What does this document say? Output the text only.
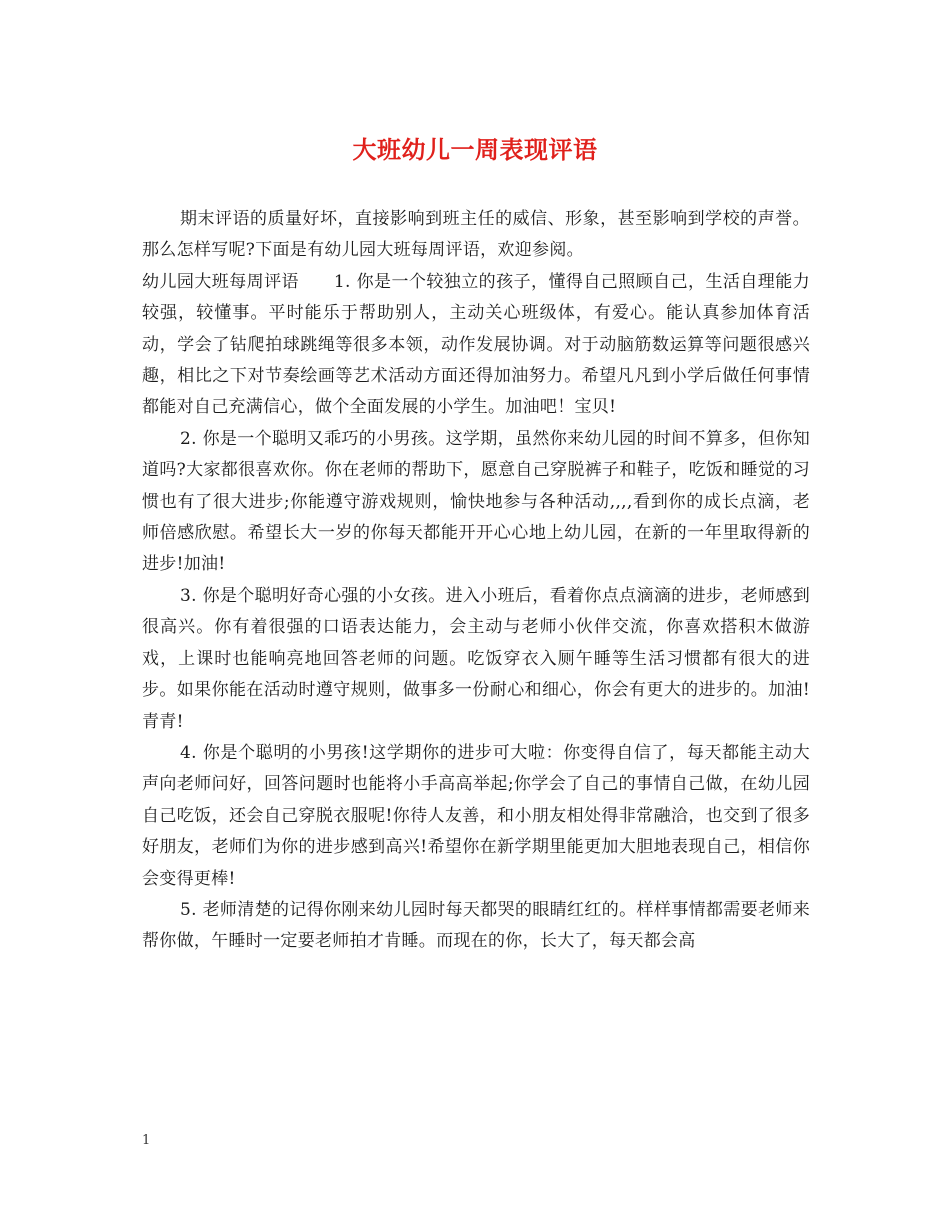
大班幼儿一周表现评语

期末评语的质量好坏，直接影响到班主任的威信、形象，甚至影响到学校的声誉。那么怎样写呢?下面是有幼儿园大班每周评语，欢迎参阅。

幼儿园大班每周评语　　1. 你是一个较独立的孩子，懂得自己照顾自己，生活自理能力较强，较懂事。平时能乐于帮助别人，主动关心班级体，有爱心。能认真参加体育活动，学会了钻爬拍球跳绳等很多本领，动作发展协调。对于动脑筋数运算等问题很感兴趣，相比之下对节奏绘画等艺术活动方面还得加油努力。希望凡凡到小学后做任何事情都能对自己充满信心，做个全面发展的小学生。加油吧！宝贝!

2. 你是一个聪明又乖巧的小男孩。这学期，虽然你来幼儿园的时间不算多，但你知道吗?大家都很喜欢你。你在老师的帮助下，愿意自己穿脱裤子和鞋子，吃饭和睡觉的习惯也有了很大进步;你能遵守游戏规则，愉快地参与各种活动,,,,看到你的成长点滴，老师倍感欣慰。希望长大一岁的你每天都能开开心心地上幼儿园，在新的一年里取得新的进步!加油!

3. 你是个聪明好奇心强的小女孩。进入小班后，看着你点点滴滴的进步，老师感到很高兴。你有着很强的口语表达能力，会主动与老师小伙伴交流，你喜欢搭积木做游戏，上课时也能响亮地回答老师的问题。吃饭穿衣入厕午睡等生活习惯都有很大的进步。如果你能在活动时遵守规则，做事多一份耐心和细心，你会有更大的进步的。加油!青青!

4. 你是个聪明的小男孩!这学期你的进步可大啦：你变得自信了，每天都能主动大声向老师问好，回答问题时也能将小手高高举起;你学会了自己的事情自己做，在幼儿园自己吃饭，还会自己穿脱衣服呢!你待人友善，和小朋友相处得非常融洽，也交到了很多好朋友，老师们为你的进步感到高兴!希望你在新学期里能更加大胆地表现自己，相信你会变得更棒!

5. 老师清楚的记得你刚来幼儿园时每天都哭的眼睛红红的。样样事情都需要老师来帮你做，午睡时一定要老师拍才肯睡。而现在的你，长大了，每天都会高

1
